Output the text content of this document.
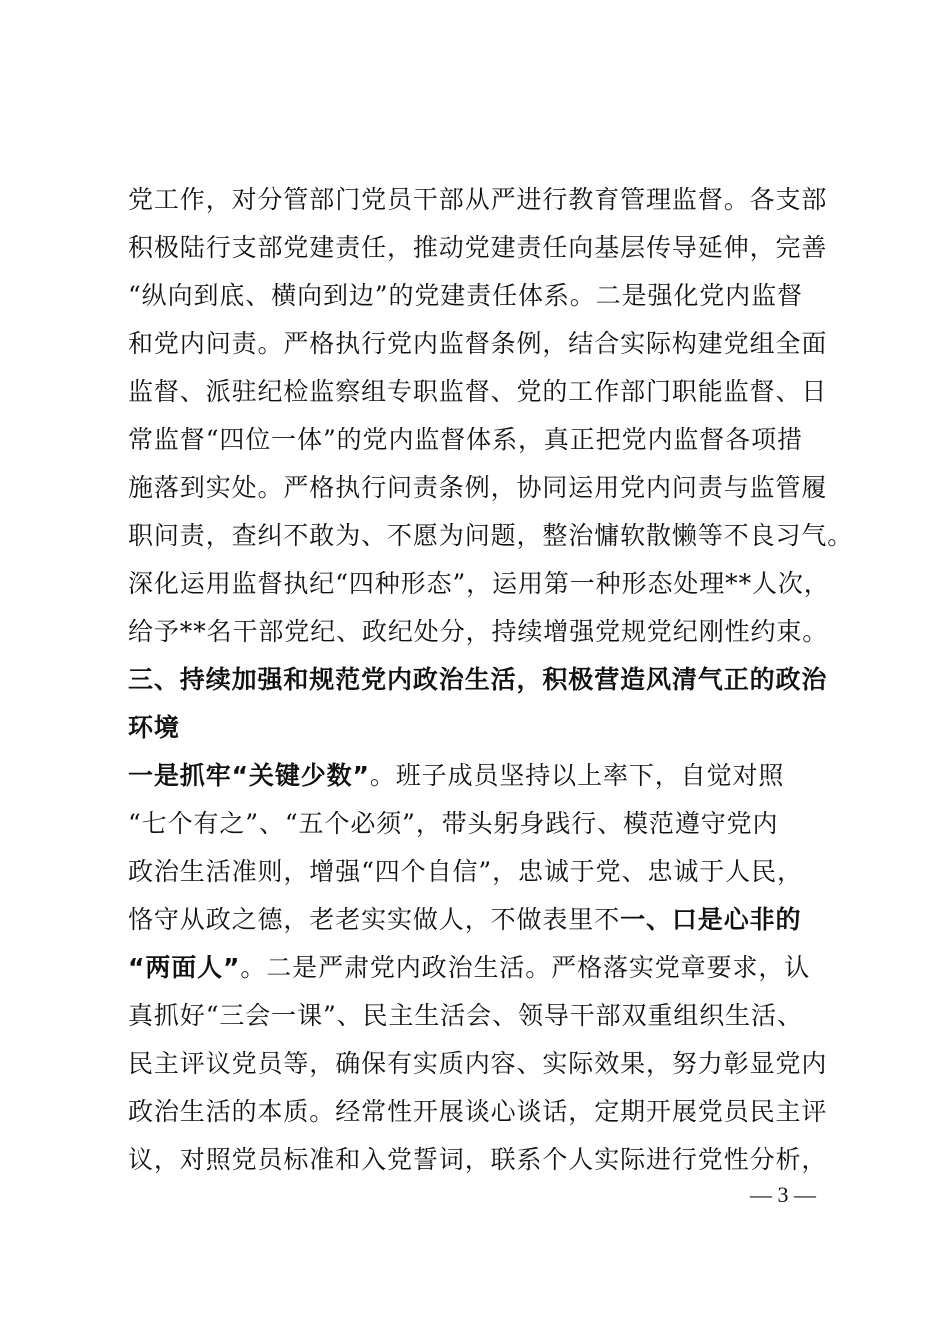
党工作，对分管部门党员干部从严进行教育管理监督。各支部
积极陆行支部党建责任，推动党建责任向基层传导延伸，完善
“纵向到底、横向到边”的党建责任体系。二是强化党内监督
和党内问责。严格执行党内监督条例，结合实际构建党组全面
监督、派驻纪检监察组专职监督、党的工作部门职能监督、日
常监督“四位一体”的党内监督体系，真正把党内监督各项措
施落到实处。严格执行问责条例，协同运用党内问责与监管履
职问责，查纠不敢为、不愿为问题，整治慵软散懒等不良习气。
深化运用监督执纪“四种形态”，运用第一种形态处理**人次，
给予**名干部党纪、政纪处分，持续增强党规党纪刚性约束。
三、持续加强和规范党内政治生活，积极营造风清气正的政治
环境
一是抓牢“关键少数”。班子成员坚持以上率下，自觉对照
“七个有之”、“五个必须”，带头躬身践行、模范遵守党内
政治生活准则，增强“四个自信”，忠诚于党、忠诚于人民，
恪守从政之德，老老实实做人，不做表里不一、口是心非的
“两面人”。二是严肃党内政治生活。严格落实党章要求，认
真抓好“三会一课”、民主生活会、领导干部双重组织生活、
民主评议党员等，确保有实质内容、实际效果，努力彰显党内
政治生活的本质。经常性开展谈心谈话，定期开展党员民主评
议，对照党员标准和入党誓词，联系个人实际进行党性分析，
— 3 —
